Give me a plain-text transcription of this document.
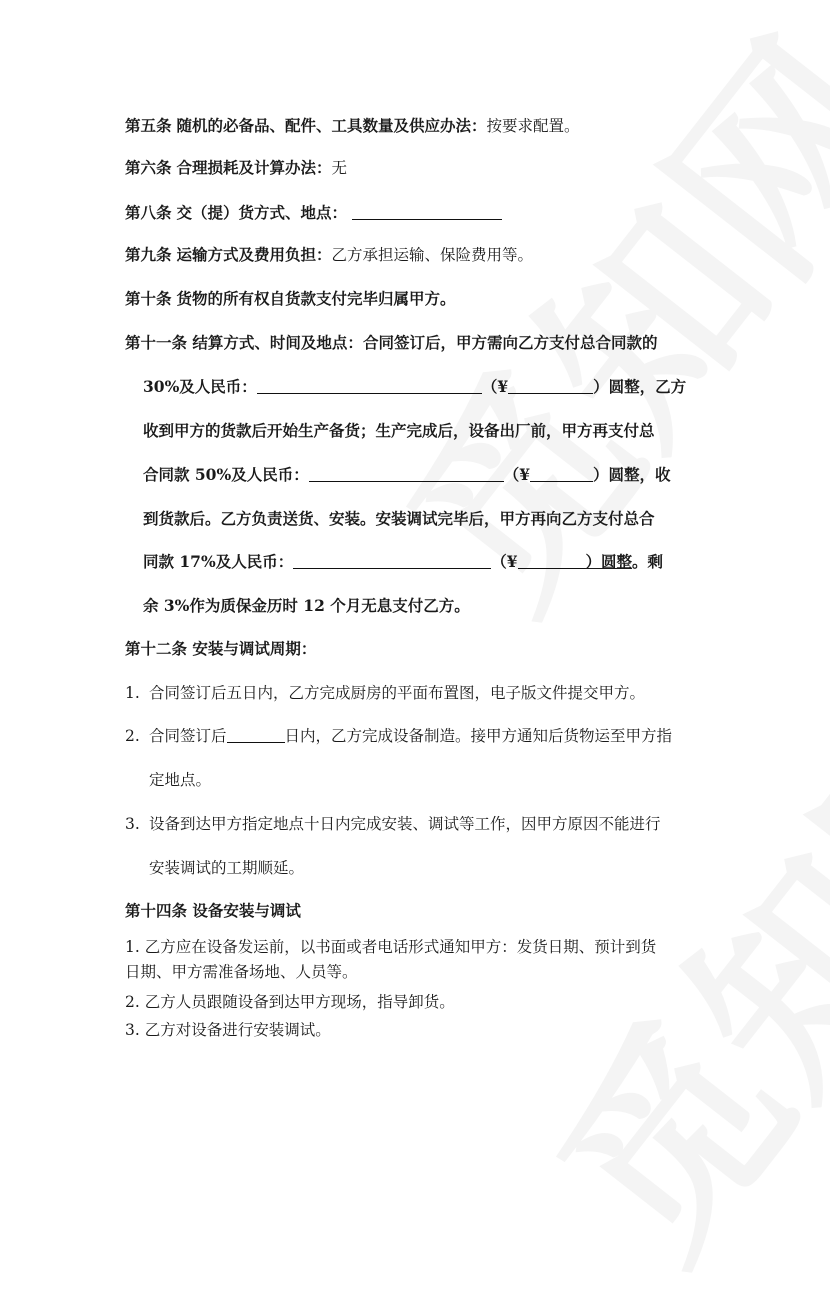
第五条 随机的必备品、配件、工具数量及供应办法：按要求配置。
第六条 合理损耗及计算办法：无
第八条 交（提）货方式、地点：
第九条 运输方式及费用负担：乙方承担运输、保险费用等。
第十条 货物的所有权自货款支付完毕归属甲方。
第十一条 结算方式、时间及地点：合同签订后，甲方需向乙方支付总合同款的
30%及人民币：	（¥	）圆整，乙方
收到甲方的货款后开始生产备货；生产完成后，设备出厂前，甲方再支付总
合同款 50%及人民币：	（¥	）圆整，收
到货款后。乙方负责送货、安装。安装调试完毕后，甲方再向乙方支付总合
同款 17%及人民币：	（¥	）圆整。剩
余 3%作为质保金历时 12 个月无息支付乙方。
第十二条 安装与调试周期：
1. 合同签订后五日内，乙方完成厨房的平面布置图，电子版文件提交甲方。
2. 合同签订后	日内，乙方完成设备制造。接甲方通知后货物运至甲方指
定地点。
3. 设备到达甲方指定地点十日内完成安装、调试等工作，因甲方原因不能进行
安装调试的工期顺延。
第十四条 设备安装与调试
1. 乙方应在设备发运前，以书面或者电话形式通知甲方：发货日期、预计到货
日期、甲方需准备场地、人员等。
2. 乙方人员跟随设备到达甲方现场，指导卸货。
3. 乙方对设备进行安装调试。
